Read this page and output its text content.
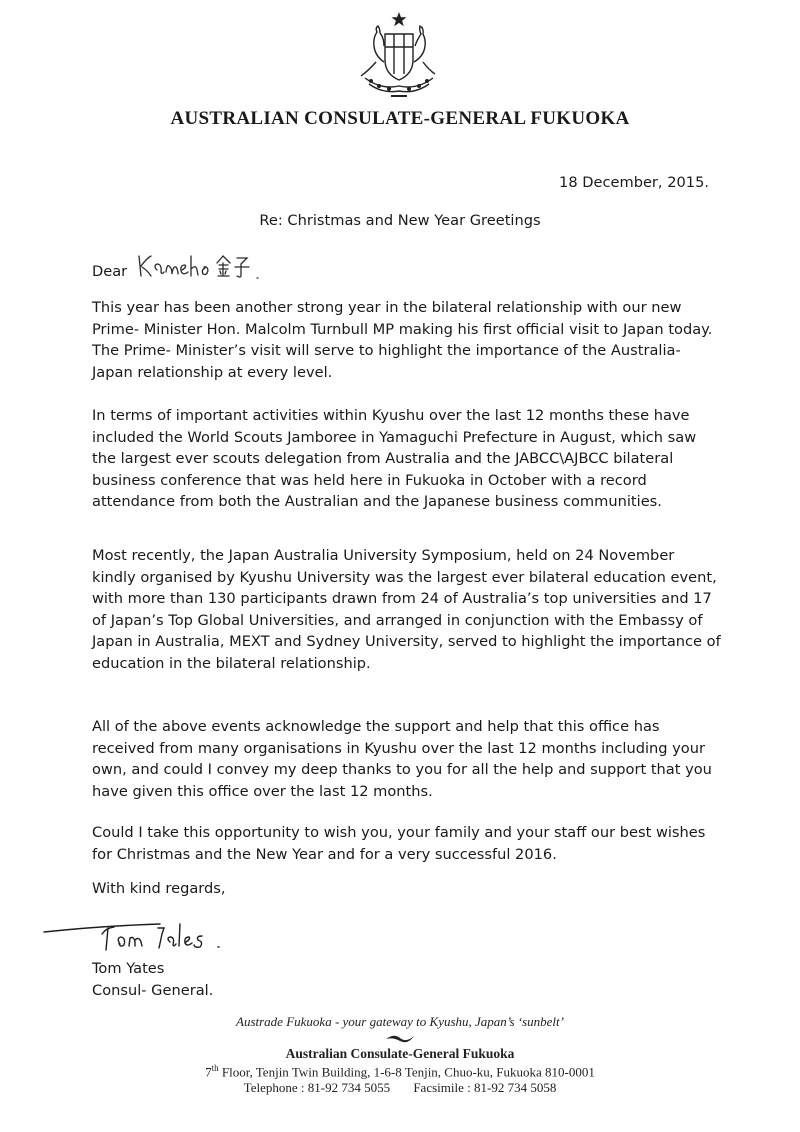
AUSTRALIAN CONSULATE-GENERAL FUKUOKA
18 December, 2015.
Re: Christmas and New Year Greetings
Dear

This year has been another strong year in the bilateral relationship with our new Prime- Minister Hon. Malcolm Turnbull MP making his first official visit to Japan today. The Prime- Minister’s visit will serve to highlight the importance of the Australia- Japan relationship at every level.

In terms of important activities within Kyushu over the last 12 months these have included the World Scouts Jamboree in Yamaguchi Prefecture in August, which saw the largest ever scouts delegation from Australia and the JABCC\AJBCC bilateral business conference that was held here in Fukuoka in October with a record attendance from both the Australian and the Japanese business communities.

Most recently, the Japan Australia University Symposium, held on 24 November kindly organised by Kyushu University was the largest ever bilateral education event, with more than 130 participants drawn from 24 of Australia’s top universities and 17 of Japan’s Top Global Universities, and arranged in conjunction with the Embassy of Japan in Australia, MEXT and Sydney University, served to highlight the importance of education in the bilateral relationship.

All of the above events acknowledge the support and help that this office has received from many organisations in Kyushu over the last 12 months including your own, and could I convey my deep thanks to you for all the help and support that you have given this office over the last 12 months.

Could I take this opportunity to wish you, your family and your staff our best wishes for Christmas and the New Year and for a very successful 2016.

With kind regards,
Tom Yates
Consul- General.
Austrade Fukuoka - your gateway to Kyushu, Japan’s ‘sunbelt’
Australian Consulate-General Fukuoka
7th Floor, Tenjin Twin Building, 1-6-8 Tenjin, Chuo-ku, Fukuoka 810-0001
Telephone : 81-92 734 5055 Facsimile : 81-92 734 5058
